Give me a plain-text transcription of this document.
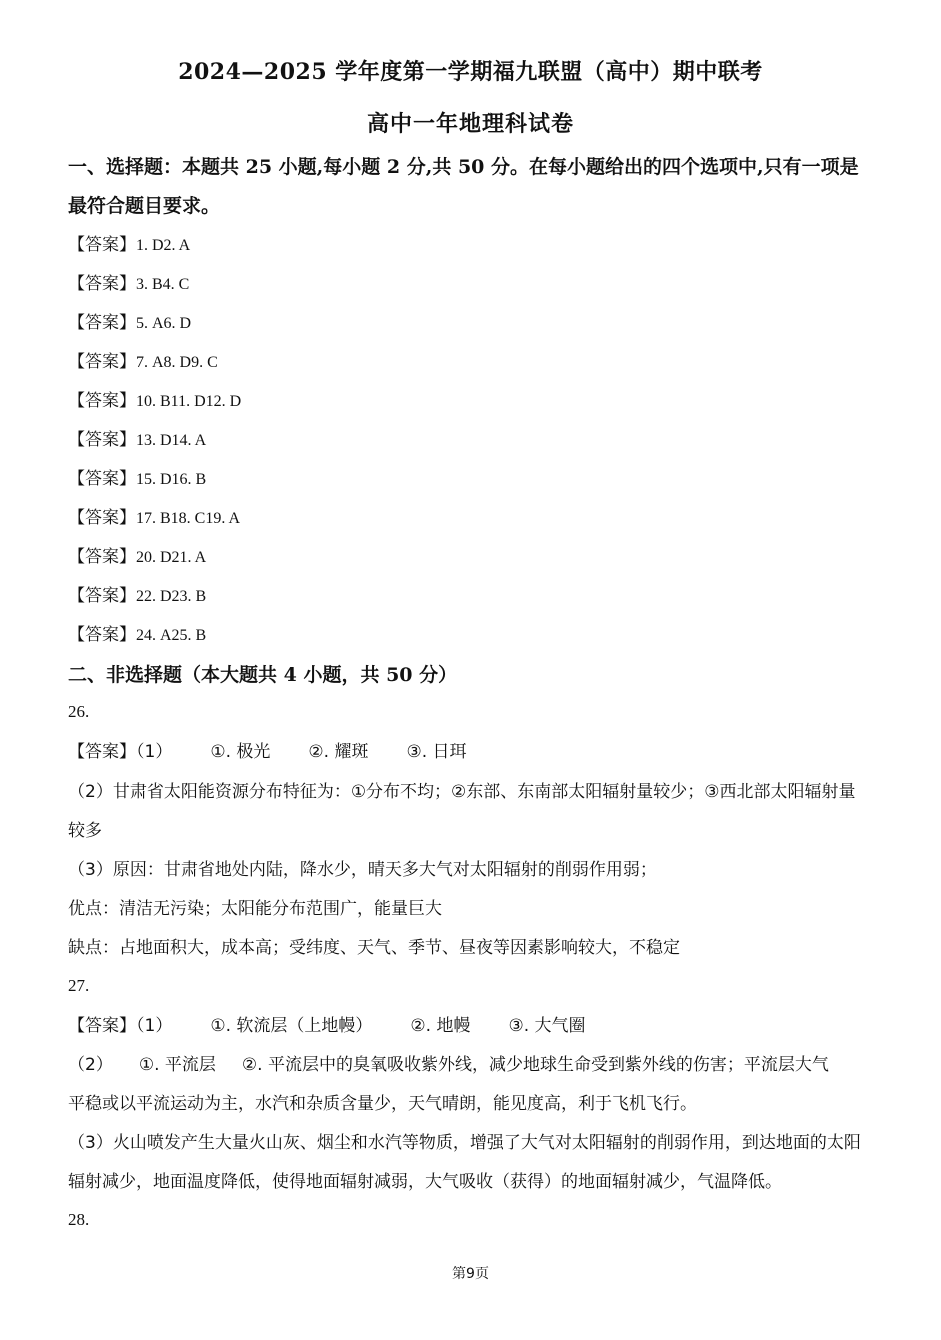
2024—2025 学年度第一学期福九联盟（高中）期中联考
高中一年地理科试卷
一、选择题：本题共 25 小题,每小题 2 分,共 50 分。在每小题给出的四个选项中,只有一项是
最符合题目要求。
【答案】1. D2. A
【答案】3. B4. C
【答案】5. A6. D
【答案】7. A8. D9. C
【答案】10. B11. D12. D
【答案】13. D14. A
【答案】15. D16. B
【答案】17. B18. C19. A
【答案】20. D21. A
【答案】22. D23. B
【答案】24. A25. B
二、非选择题（本大题共 4 小题，共 50 分）
26.
【答案】（1） ①. 极光 ②. 耀斑 ③. 日珥
（2）甘肃省太阳能资源分布特征为：①分布不均；②东部、东南部太阳辐射量较少；③西北部太阳辐射量
较多
（3）原因：甘肃省地处内陆，降水少，晴天多大气对太阳辐射的削弱作用弱；
优点：清洁无污染；太阳能分布范围广，能量巨大
缺点：占地面积大，成本高；受纬度、天气、季节、昼夜等因素影响较大，不稳定
27.
【答案】（1） ①. 软流层（上地幔） ②. 地幔 ③. 大气圈
（2） ①. 平流层 ②. 平流层中的臭氧吸收紫外线，减少地球生命受到紫外线的伤害；平流层大气
平稳或以平流运动为主，水汽和杂质含量少，天气晴朗，能见度高，利于飞机飞行。
（3）火山喷发产生大量火山灰、烟尘和水汽等物质，增强了大气对太阳辐射的削弱作用，到达地面的太阳
辐射减少，地面温度降低，使得地面辐射减弱，大气吸收（获得）的地面辐射减少，气温降低。
28.
第9页
